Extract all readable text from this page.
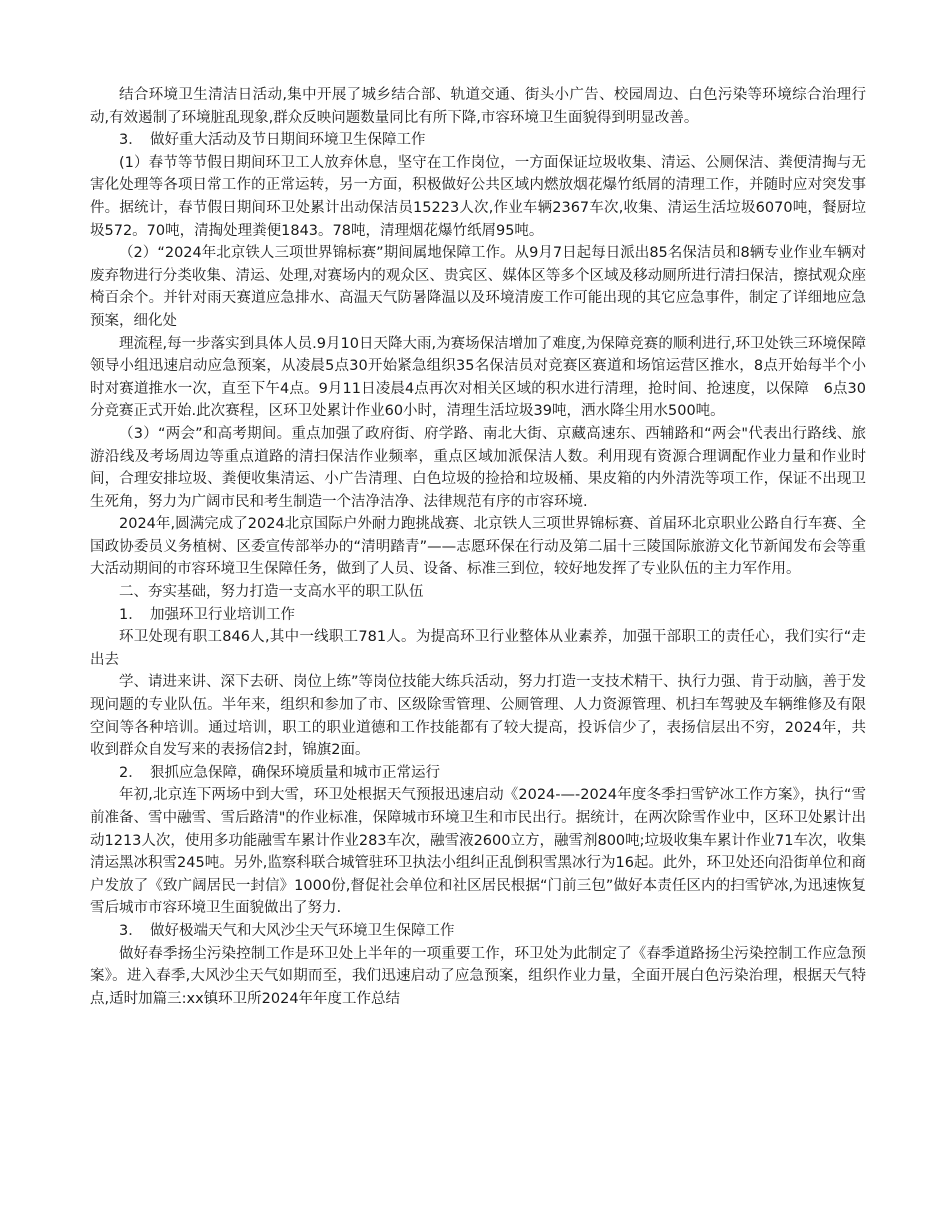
结合环境卫生清洁日活动,集中开展了城乡结合部、轨道交通、街头小广告、校园周边、白色污染等环境综合治理行动,有效遏制了环境脏乱现象,群众反映问题数量同比有所下降,市容环境卫生面貌得到明显改善。

3．　做好重大活动及节日期间环境卫生保障工作

(1）春节等节假日期间环卫工人放弃休息，坚守在工作岗位，一方面保证垃圾收集、清运、公厕保洁、粪便清掏与无害化处理等各项日常工作的正常运转，另一方面，积极做好公共区域内燃放烟花爆竹纸屑的清理工作，并随时应对突发事件。据统计，春节假日期间环卫处累计出动保洁员15223人次,作业车辆2367车次,收集、清运生活垃圾6070吨，餐厨垃圾572。70吨，清掏处理粪便1843。78吨，清理烟花爆竹纸屑95吨。

（2）“2024年北京铁人三项世界锦标赛”期间属地保障工作。从9月7日起每日派出85名保洁员和8辆专业作业车辆对废弃物进行分类收集、清运、处理,对赛场内的观众区、贵宾区、媒体区等多个区域及移动厕所进行清扫保洁，擦拭观众座椅百余个。并针对雨天赛道应急排水、高温天气防暑降温以及环境清废工作可能出现的其它应急事件，制定了详细地应急预案，细化处

理流程,每一步落实到具体人员.9月10日天降大雨,为赛场保洁增加了难度,为保障竞赛的顺利进行,环卫处铁三环境保障领导小组迅速启动应急预案，从凌晨5点30开始紧急组织35名保洁员对竞赛区赛道和场馆运营区推水，8点开始每半个小时对赛道推水一次，直至下午4点。9月11日凌晨4点再次对相关区域的积水进行清理，抢时间、抢速度，以保障　6点30分竞赛正式开始.此次赛程，区环卫处累计作业60小时，清理生活垃圾39吨，洒水降尘用水500吨。

（3）“两会”和高考期间。重点加强了政府街、府学路、南北大街、京藏高速东、西辅路和“两会"代表出行路线、旅游沿线及考场周边等重点道路的清扫保洁作业频率，重点区域加派保洁人数。利用现有资源合理调配作业力量和作业时间，合理安排垃圾、粪便收集清运、小广告清理、白色垃圾的捡拾和垃圾桶、果皮箱的内外清洗等项工作，保证不出现卫生死角，努力为广阔市民和考生制造一个洁净洁净、法律规范有序的市容环境.

2024年,圆满完成了2024北京国际户外耐力跑挑战赛、北京铁人三项世界锦标赛、首届环北京职业公路自行车赛、全国政协委员义务植树、区委宣传部举办的“清明踏青”——志愿环保在行动及第二届十三陵国际旅游文化节新闻发布会等重大活动期间的市容环境卫生保障任务，做到了人员、设备、标准三到位，较好地发挥了专业队伍的主力军作用。

二、夯实基础，努力打造一支高水平的职工队伍

1．　加强环卫行业培训工作

环卫处现有职工846人,其中一线职工781人。为提高环卫行业整体从业素养，加强干部职工的责任心，我们实行“走出去

学、请进来讲、深下去研、岗位上练”等岗位技能大练兵活动，努力打造一支技术精干、执行力强、肯于动脑，善于发现问题的专业队伍。半年来，组织和参加了市、区级除雪管理、公厕管理、人力资源管理、机扫车驾驶及车辆维修及有限空间等各种培训。通过培训，职工的职业道德和工作技能都有了较大提高，投诉信少了，表扬信层出不穷，2024年，共收到群众自发写来的表扬信2封，锦旗2面。

2．　狠抓应急保障，确保环境质量和城市正常运行

年初,北京连下两场中到大雪，环卫处根据天气预报迅速启动《2024-—-2024年度冬季扫雪铲冰工作方案》，执行“雪前准备、雪中融雪、雪后路清"的作业标准，保障城市环境卫生和市民出行。据统计，在两次除雪作业中，区环卫处累计出动1213人次，使用多功能融雪车累计作业283车次，融雪液2600立方，融雪剂800吨;垃圾收集车累计作业71车次，收集清运黑冰积雪245吨。另外,监察科联合城管驻环卫执法小组纠正乱倒积雪黑冰行为16起。此外，环卫处还向沿街单位和商户发放了《致广阔居民一封信》1000份,督促社会单位和社区居民根据“门前三包”做好本责任区内的扫雪铲冰,为迅速恢复雪后城市市容环境卫生面貌做出了努力.

3．　做好极端天气和大风沙尘天气环境卫生保障工作

做好春季扬尘污染控制工作是环卫处上半年的一项重要工作，环卫处为此制定了《春季道路扬尘污染控制工作应急预案》。进入春季,大风沙尘天气如期而至，我们迅速启动了应急预案，组织作业力量，全面开展白色污染治理，根据天气特点,适时加篇三:xx镇环卫所2024年年度工作总结
